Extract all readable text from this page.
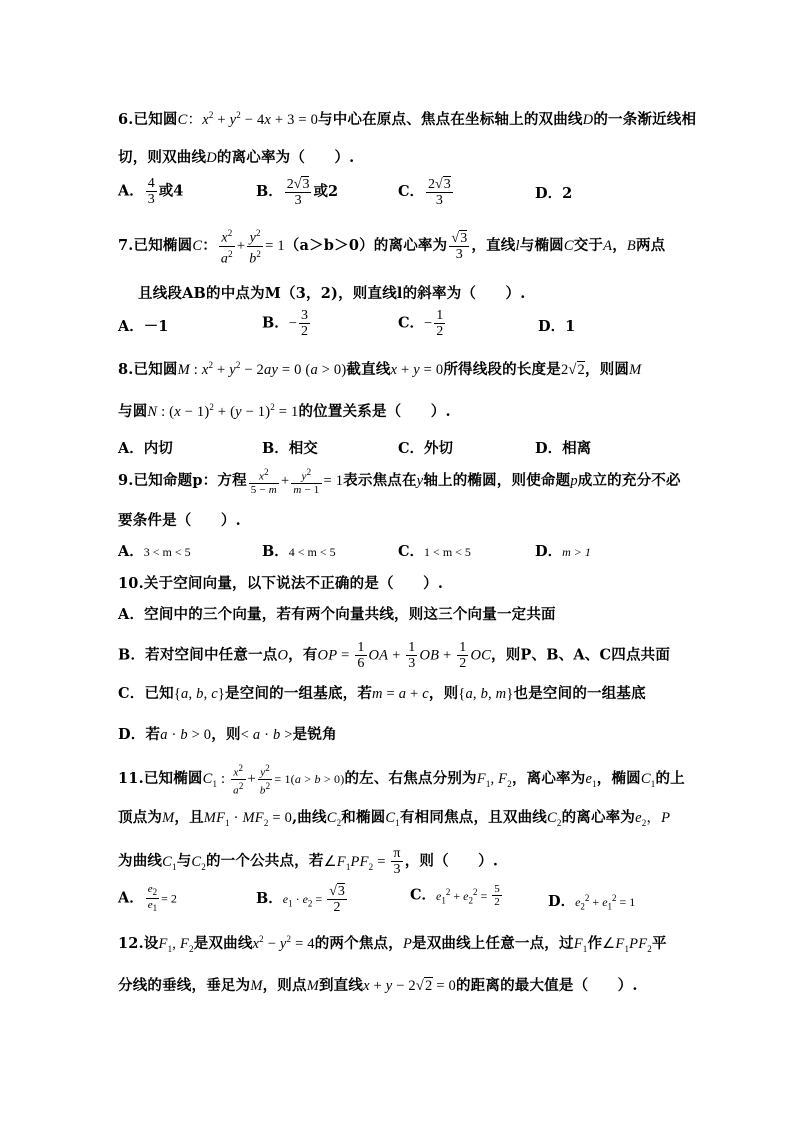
6.已知圆C：$x^2 + y^2 - 4x + 3 = 0$与中心在原点、焦点在坐标轴上的双曲线D的一条渐近线相
切，则双曲线D的离心率为（　　）.
A． $\frac{4}{3}$ 或4	B． $\frac{2√3}{3}$ 或2	C． $\frac{2√3}{3}$	D．2
7.已知椭圆C： $\frac{x^2}{a^2} + \frac{y^2}{b^2} = 1(a>b>0)$的离心率为 $\frac{√3}{3}$ ，直线l与椭圆C交于A，B两点
且线段AB的中点为M（3，2)，则直线l的斜率为（　　）.
A．－1	B．− $\frac{3}{2}$	C．− $\frac{1}{2}$	D．1
8.已知圆M : $x^2 + y^2 - 2ay = 0$ (a > 0)截直线x + y = 0所得线段的长度是2√2，则圆M
与圆N : $(x - 1)^2 + (y - 1)^2 = 1$的位置关系是（　　）.
A．内切	B．相交	C．外切	D．相离
9.已知命题p：方程 $\frac{x^2}{5 - m} + \frac{y^2}{m - 1} = 1$表示焦点在y轴上的椭圆，则使命题p成立的充分不必
要条件是（　　）.
A．3 < m < 5	B．4 < m < 5	C．1 < m < 5	D．m > 1
10.关于空间向量，以下说法不正确的是（　　）.
A．空间中的三个向量，若有两个向量共线，则这三个向量一定共面
B．若对空间中任意一点O，有OP = $\frac{1}{6}$ OA + $\frac{1}{3}$ OB + $\frac{1}{2}$ OC，则P、B、A、C四点共面
C．已知{a, b, c}是空间的一组基底，若m = a + c，则{a, b, m}也是空间的一组基底
D．若a · b > 0，则< a · b >是锐角
11.已知椭圆$C_1$ : $\frac{x^2}{a^2} + \frac{y^2}{b^2} = 1(a > b > 0)$的左、右焦点分别为$F_1$, $F_2$，离心率为$e_1$，椭圆$C_1$的上
顶点为M，且$MF_1 \cdot MF_2 = 0$,曲线$C_2$和椭圆$C_1$有相同焦点，且双曲线$C_2$的离心率为$e_2$，P
为曲线$C_1$与$C_2$的一个公共点，若$\angle F_1PF_2 = \frac{\pi}{3}$ ，则（　　）.
A． $\frac{e_2}{e_1} = 2$	B．$e_1 \cdot e_2 = \frac{√3}{2}$	C．$e_1^2 + e_2^2 = \frac{5}{2}$	D．$e_2^2 + e_1^2 = 1$
12.设$F_1$, $F_2$是双曲线$x^2 - y^2 = 4$的两个焦点，P是双曲线上任意一点，过$F_1$作$\angle F_1PF_2$平
分线的垂线，垂足为M，则点M到直线x + y − 2√2 = 0的距离的最大值是（　　）.
